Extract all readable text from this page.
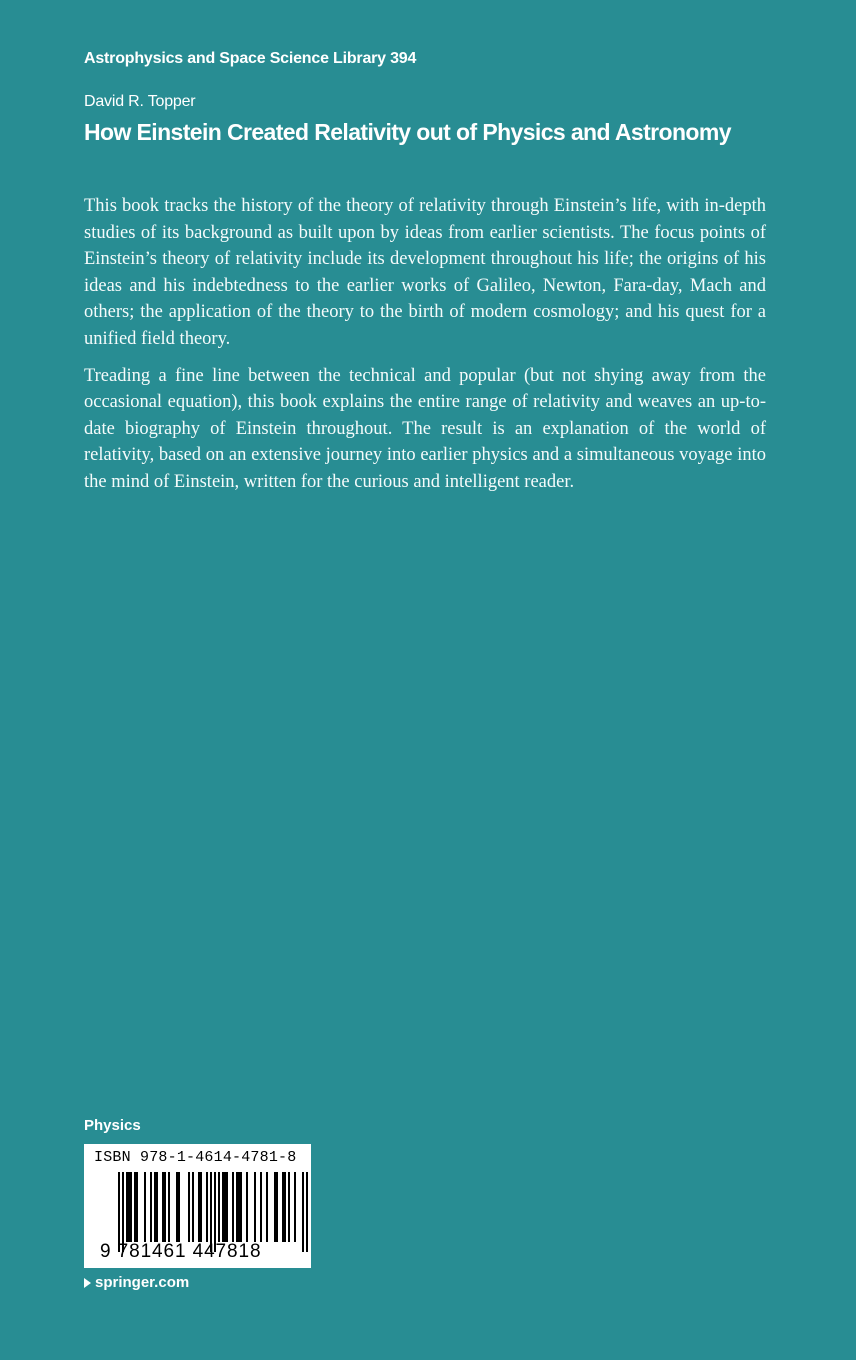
Astrophysics and Space Science Library 394
David R. Topper
How Einstein Created Relativity out of Physics and Astronomy

This book tracks the history of the theory of relativity through Einstein’s life, with in-depth studies of its background as built upon by ideas from earlier scientists. The focus points of Einstein’s theory of relativity include its development throughout his life; the origins of his ideas and his indebtedness to the earlier works of Galileo, Newton, Fara-day, Mach and others; the application of the theory to the birth of modern cosmology; and his quest for a unified field theory.

Treading a fine line between the technical and popular (but not shying away from the occasional equation), this book explains the entire range of relativity and weaves an up-to-date biography of Einstein throughout. The result is an explanation of the world of relativity, based on an extensive journey into earlier physics and a simultaneous voyage into the mind of Einstein, written for the curious and intelligent reader.

Physics
ISBN 978-1-4614-4781-8
9 781461 447818
springer.com
